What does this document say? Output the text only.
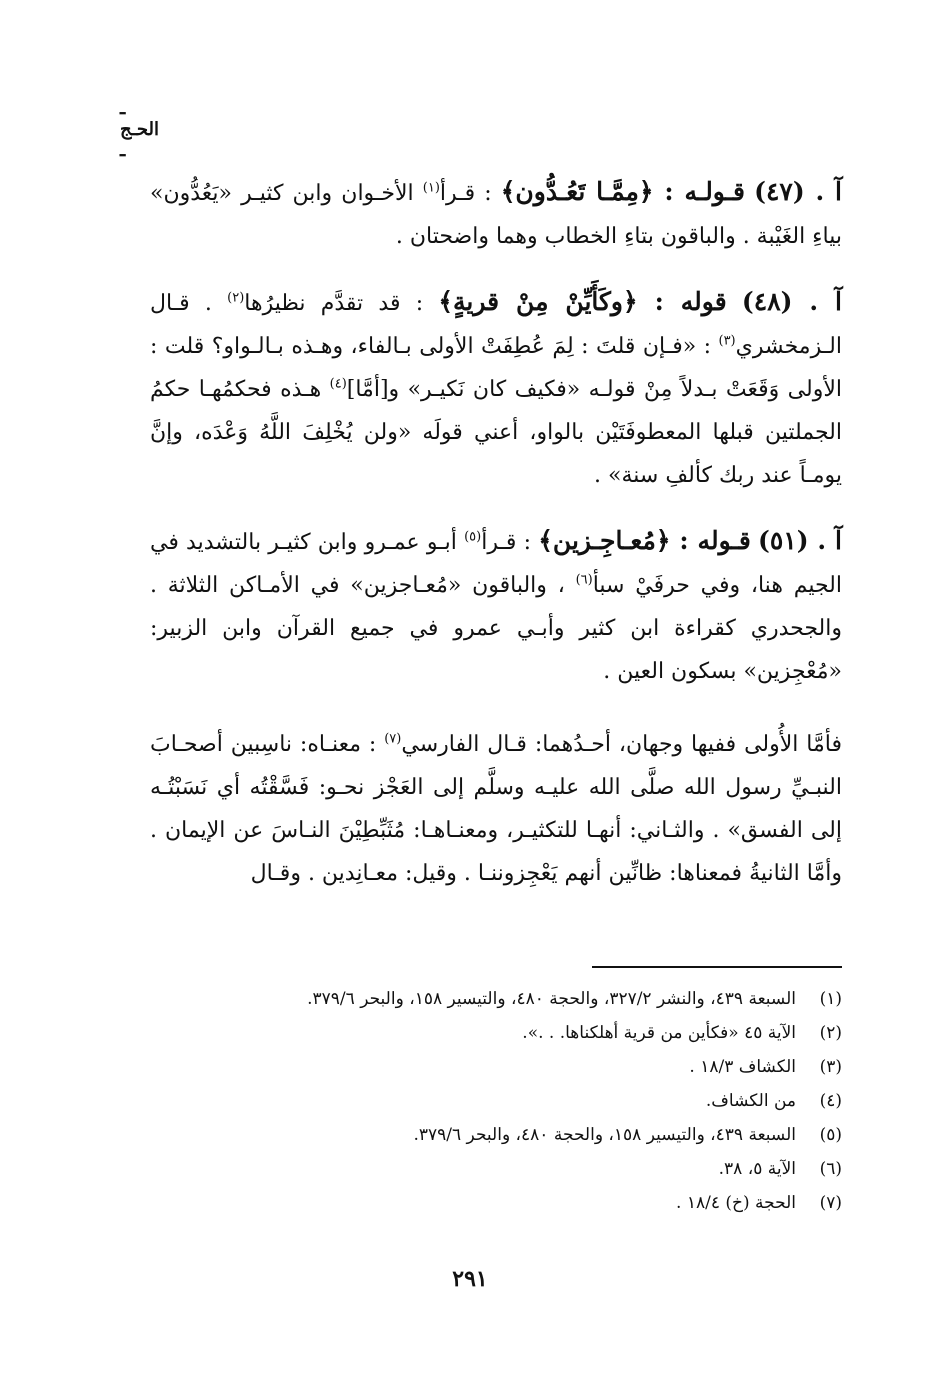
ـ الحـج ـ

آ . (٤٧) قـولـه : ﴿مِمَّـا تَعُـدُّون﴾ : قـرأ$^{(١)}$ الأخـوان وابن كثيـر «يَعُدُّون» بياءِ الغَيْبة . والباقون بتاءِ الخطاب وهما واضحتان .

آ . (٤٨) قوله : ﴿وكَأَيِّنْ مِنْ قريةٍ﴾ : قد تقدَّم نظيرُها$^{(٢)}$ . قـال الـزمخشري$^{(٣)}$ : «فـإن قلتَ : لِمَ عُطِفَتْ الأولى بـالفاء، وهـذه بـالـواو؟ قلت : الأولى وَقَعَتْ بـدلاً مِنْ قولـه «فكيف كان نَكيـر» و[أمَّا]$^{(٤)}$ هـذه فحكمُهـا حكمُ الجملتين قبلها المعطوفَتَيْن بالواو، أعني قولَه «ولن يُخْلِفَ اللَّهُ وَعْدَه، وإنَّ يومـاً عند ربك كألفِ سنة» .

آ . (٥١) قـوله : ﴿مُعـاجِـزين﴾ : قـرأ$^{(٥)}$ أبـو عمـرو وابن كثيـر بالتشديد في الجيم هنا، وفي حرفَيْ سبأ$^{(٦)}$ ، والباقون «مُعـاجزين» في الأمـاكن الثلاثة . والجحدري كقراءة ابن كثير وأبـي عمرو في جميع القرآن وابن الزبير: «مُعْجِزين» بسكون العين .

فأمَّا الأُولى ففيها وجهان، أحـدُهما: قـال الفارسي$^{(٧)}$ : معنـاه: ناسِبين أصحـابَ النبـيِّ رسول الله صلَّى الله عليـه وسلَّم إلى العَجْز نحـو: فَسَّقْتُه أي نَسَبْتُـه إلى الفسق» . والثـاني: أنهـا للتكثيـر، ومعنـاهـا: مُثَبِّطِيْنَ النـاسَ عن الإيمان . وأمَّا الثانيةُ فمعناها: ظانِّين أنهم يَعْجِزوننـا . وقيل: معـانِدين . وقـال

(١)
السبعة ٤٣٩، والنشر ٣٢٧/٢، والحجة ٤٨٠، والتيسير ١٥٨، والبحر ٣٧٩/٦.
(٢)
الآية ٤٥ «فكأين من قرية أهلكناها. . .».
(٣)
الكشاف ١٨/٣ .
(٤)
من الكشاف.
(٥)
السبعة ٤٣٩، والتيسير ١٥٨، والحجة ٤٨٠، والبحر ٣٧٩/٦.
(٦)
الآية ٥، ٣٨.
(٧)
الحجة (خ) ١٨/٤ .
٢٩١
